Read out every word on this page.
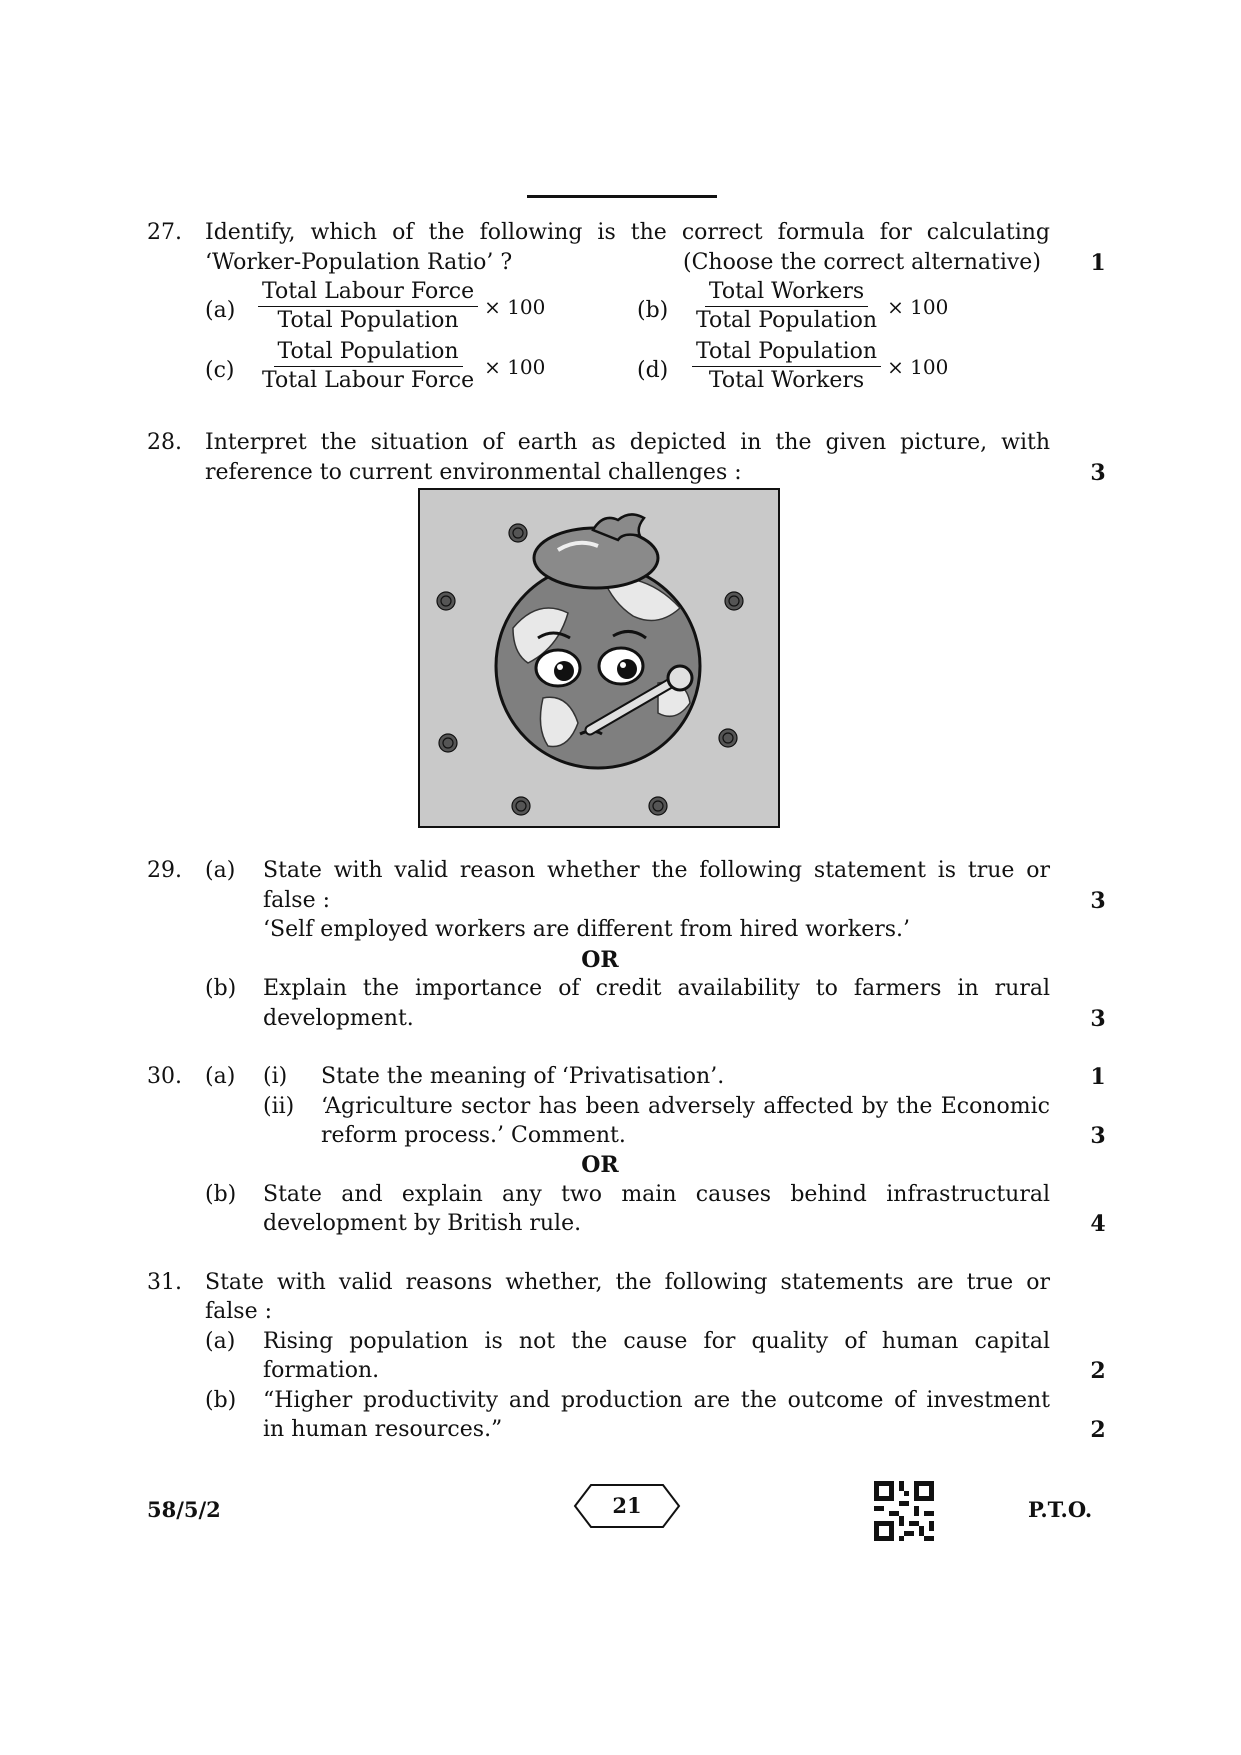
27. Identify, which of the following is the correct formula for calculating
‘Worker-Population Ratio’ ?	(Choose the correct alternative) 1
$(a) \frac{\text{Total Labour Force}}{\text{Total Population}} \times 100$	$(b) \frac{\text{Total Workers}}{\text{Total Population}} \times 100$
$(c) \frac{\text{Total Population}}{\text{Total Labour Force}} \times 100$	$(d) \frac{\text{Total Population}}{\text{Total Workers}} \times 100$
28. Interpret the situation of earth as depicted in the given picture, with
reference to current environmental challenges :	3
29. (a) State with valid reason whether the following statement is true or
false :	3
‘Self employed workers are different from hired workers.’
OR
(b) Explain the importance of credit availability to farmers in rural
development.	3
30. (a) (i) State the meaning of ‘Privatisation’.	1
(ii) ‘Agriculture sector has been adversely affected by the Economic
reform process.’ Comment.	3
OR
(b) State and explain any two main causes behind infrastructural
development by British rule.	4
31. State with valid reasons whether, the following statements are true or
false :
(a) Rising population is not the cause for quality of human capital
formation.	2
(b) “Higher productivity and production are the outcome of investment
in human resources.”	2
58/5/2	21	P.T.O.
